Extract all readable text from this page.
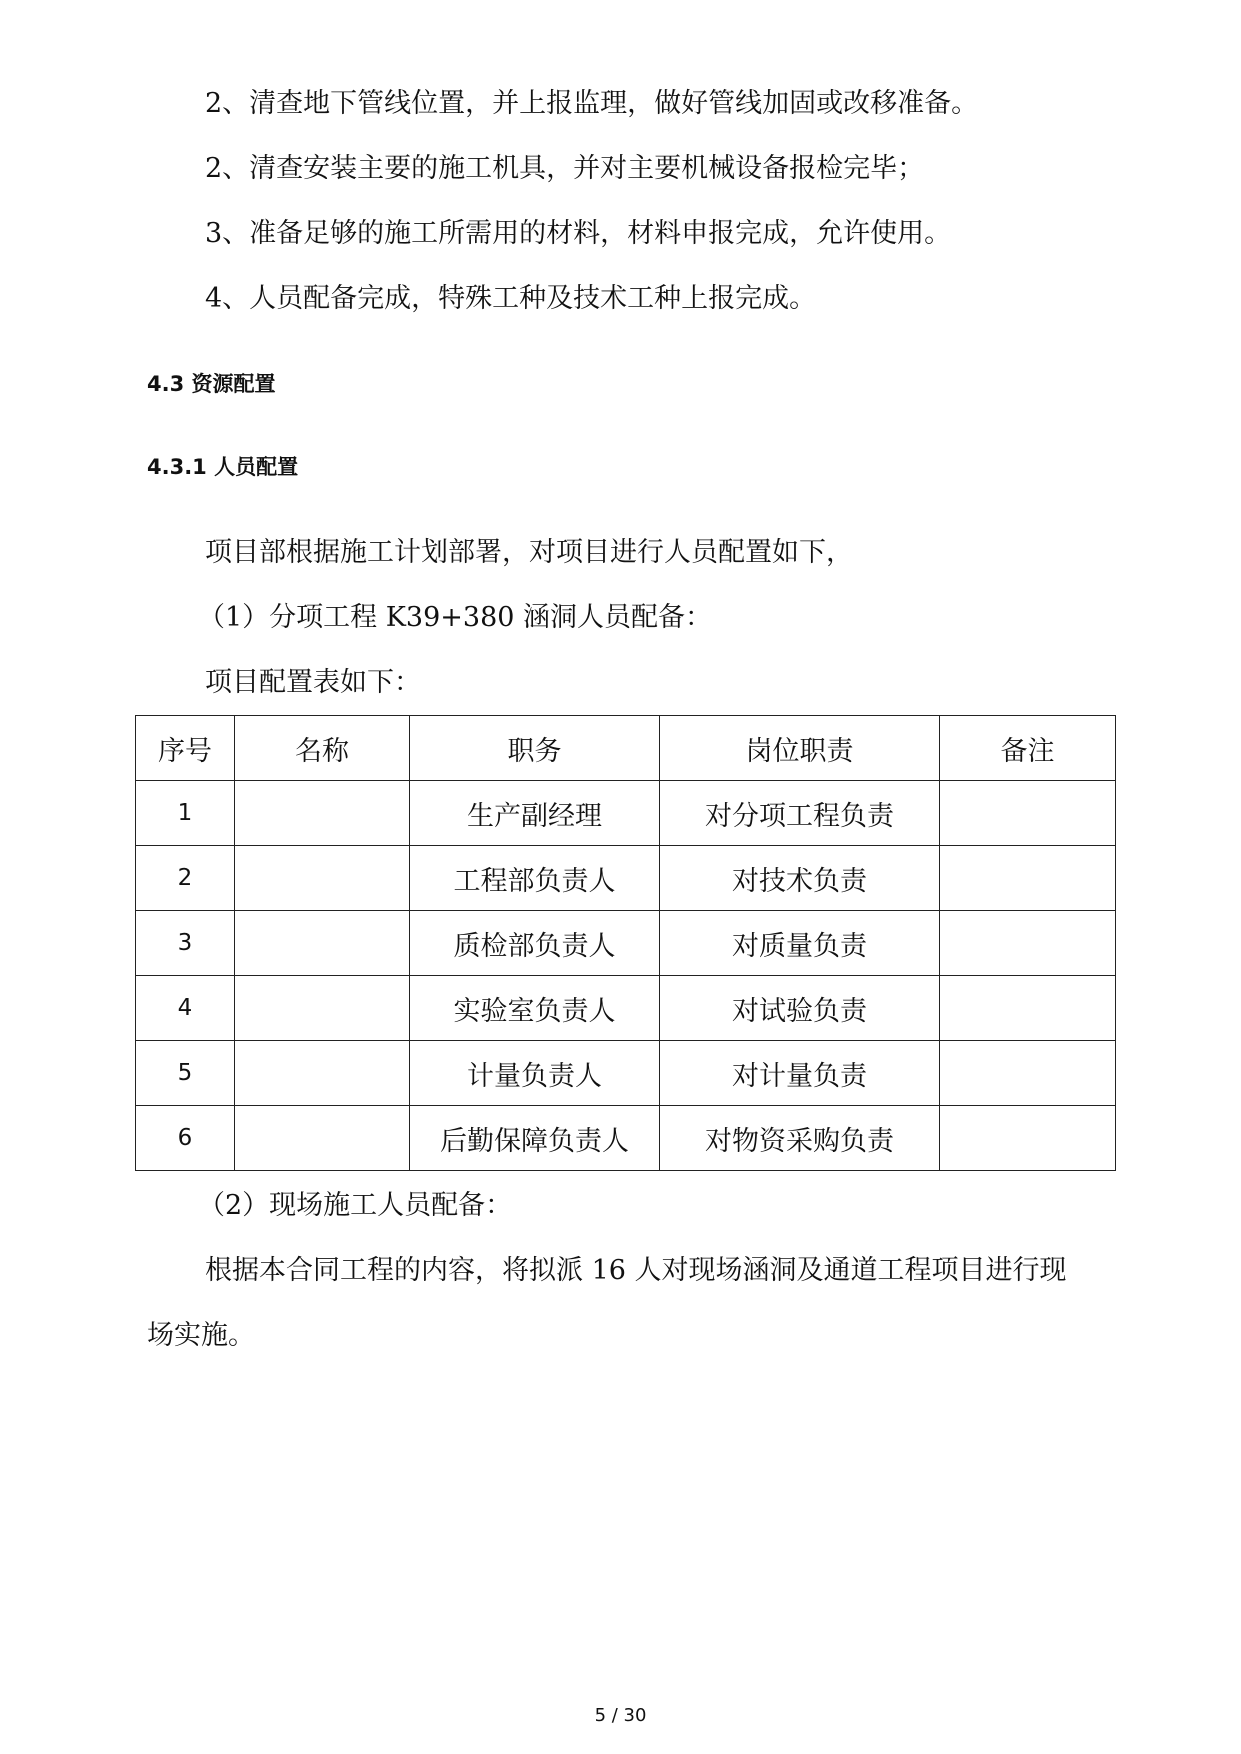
2、清查地下管线位置，并上报监理，做好管线加固或改移准备。
2、清查安装主要的施工机具，并对主要机械设备报检完毕；
3、准备足够的施工所需用的材料，材料申报完成，允许使用。
4、人员配备完成，特殊工种及技术工种上报完成。
4.3 资源配置
4.3.1 人员配置
项目部根据施工计划部署，对项目进行人员配置如下，
（1）分项工程 K39+380 涵洞人员配备：
项目配置表如下：
序号	名称	职务	岗位职责	备注
1		生产副经理	对分项工程负责	
2		工程部负责人	对技术负责	
3		质检部负责人	对质量负责	
4		实验室负责人	对试验负责	
5		计量负责人	对计量负责	
6		后勤保障负责人	对物资采购负责	
（2）现场施工人员配备：
根据本合同工程的内容，将拟派 16 人对现场涵洞及通道工程项目进行现
场实施。
5 / 30
